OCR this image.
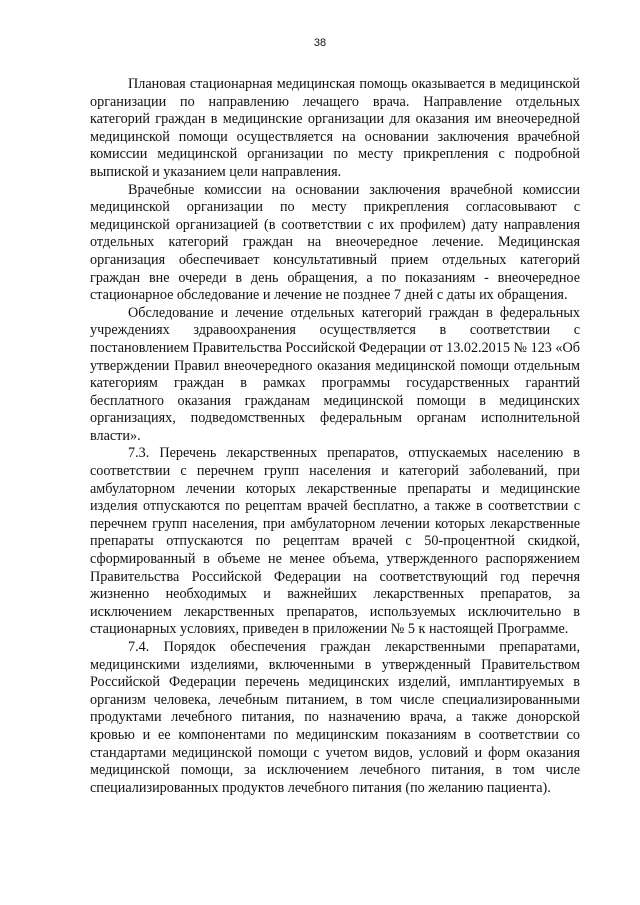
38

Плановая стационарная медицинская помощь оказывается в медицинской организации по направлению лечащего врача. Направление отдельных категорий граждан в медицинские организации для оказания им внеочередной медицинской помощи осуществляется на основании заключения врачебной комиссии медицинской организации по месту прикрепления с подробной выпиской и указанием цели направления.

Врачебные комиссии на основании заключения врачебной комиссии медицинской организации по месту прикрепления согласовывают с медицинской организацией (в соответствии с их профилем) дату направления отдельных категорий граждан на внеочередное лечение. Медицинская организация обеспечивает консультативный прием отдельных категорий граждан вне очереди в день обращения, а по показаниям - внеочередное стационарное обследование и лечение не позднее 7 дней с даты их обращения.

Обследование и лечение отдельных категорий граждан в федеральных учреждениях здравоохранения осуществляется в соответствии с постановлением Правительства Российской Федерации от 13.02.2015 № 123 «Об утверждении Правил внеочередного оказания медицинской помощи отдельным категориям граждан в рамках программы государственных гарантий бесплатного оказания гражданам медицинской помощи в медицинских организациях, подведомственных федеральным органам исполнительной власти».

7.3. Перечень лекарственных препаратов, отпускаемых населению в соответствии с перечнем групп населения и категорий заболеваний, при амбулаторном лечении которых лекарственные препараты и медицинские изделия отпускаются по рецептам врачей бесплатно, а также в соответствии с перечнем групп населения, при амбулаторном лечении которых лекарственные препараты отпускаются по рецептам врачей с 50-процентной скидкой, сформированный в объеме не менее объема, утвержденного распоряжением Правительства Российской Федерации на соответствующий год перечня жизненно необходимых и важнейших лекарственных препаратов, за исключением лекарственных препаратов, используемых исключительно в стационарных условиях, приведен в приложении № 5 к настоящей Программе.

7.4. Порядок обеспечения граждан лекарственными препаратами, медицинскими изделиями, включенными в утвержденный Правительством Российской Федерации перечень медицинских изделий, имплантируемых в организм человека, лечебным питанием, в том числе специализированными продуктами лечебного питания, по назначению врача, а также донорской кровью и ее компонентами по медицинским показаниям в соответствии со стандартами медицинской помощи с учетом видов, условий и форм оказания медицинской помощи, за исключением лечебного питания, в том числе специализированных продуктов лечебного питания (по желанию пациента).
